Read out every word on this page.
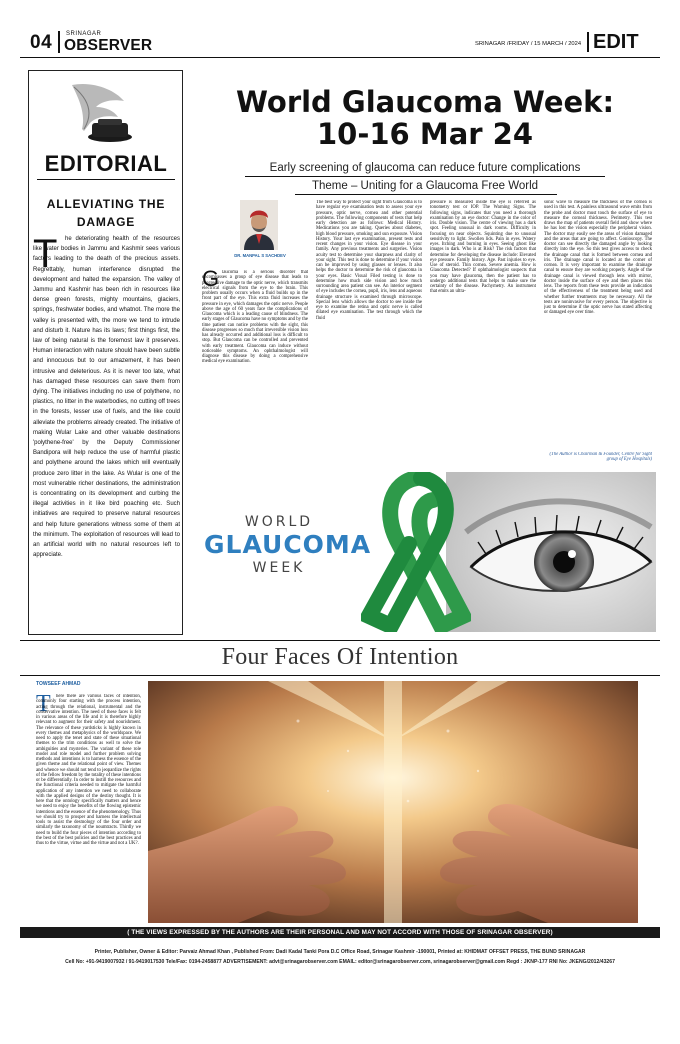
04 SRINAGAR
OBSERVER	SRINAGAR /FRIDAY / 15 MARCH / 2024 EDIT
EDITORIAL
ALLEVIATING THE DAMAGE
T	he deteriorating health of the resources like water bodies in Jammu and Kashmir sees various factors leading to the death of the precious assets. Regrettably, human interference disrupted the development and halted the expansion. The valley of Jammu and Kashmir has been rich in resources like dense green forests, mighty mountains, glaciers, springs, freshwater bodies, and whatnot. The more the valley is presented with, the more we tend to intrude and disturb it. Nature has its laws; first things first, the law of being natural is the foremost law it preserves. Human interaction with nature should have been subtle and innocuous but to our amazement, it has been intrusive and deleterious. As it is never too late, what has damaged these resources can save them from dying. The initiatives including no use of polythene, no plastics, no litter in the waterbodies, no cutting off trees in the forests, lesser use of fuels, and the like could alleviate the problems already created. The initiative of making Wular Lake and other valuable destinations 'polythene-free' by the Deputy Commissioner Bandipora will help reduce the use of harmful plastic and polythene around the lakes which will eventually produce zero litter in the lake. As Wular is one of the most vulnerable richer destinations, the administration is concentrating on its development and curbing the illegal activities in it like bird poaching etc. Such initiatives are required to preserve natural resources and help future generations witness some of them at the minimum. The exploitation of resources will lead to an artificial world with no natural resources left to appreciate.
World Glaucoma Week:
10-16 Mar 24
Early screening of glaucoma can reduce future complications
Theme – Uniting for a Glaucoma Free World
DR. MANPAL S SACHDEV
G laucoma is a serious disorder that encompasses a group of eye disease that leads to progressive damage to the optic nerve, which transmits electrical signals from the eye to the brain. This problem usually occurs when a fluid builds up in the front part of the eye. This extra fluid increases the pressure in eye, which damages the optic nerve. People above the age of 60 years face the complications of Glaucoma which is a leading cause of blindness. The early stages of Glaucoma have no symptoms and by the time patient can notice problems with the sight, this disease progresses so much that irreversible vision loss has already occurred and additional loss is difficult to stop. But Glaucoma can be controlled and prevented with early treatment. Glaucoma can induce without noticeable symptoms. An ophthalmologist will diagnose this disease by doing a comprehensive medical eye examination.
The best way to protect your sight from Glaucoma is to have regular eye examination tests to assess your eye pressure, optic nerve, cornea and other potential problems. The following components of tests that help early detection are as follows: Medical History. Medications you are taking. Queries about diabetes, high blood pressure, smoking and sun exposure. Vision History. Your last eye examination, present tests and recent changes in your vision. Eye disease in your family. Any previous treatments and surgeries. Vision acuity test to determine your sharpness and clarity of your sight. This test is done to determine if your vision can be improved by using glasses or lenses. It also helps the doctor to determine the risk of glaucoma in your eyes. Basic Visual Filed testing is done to determine how much side vision and how much surrounding area patient can see. An interior segment of eye includes the cornea, pupil, iris, lens and aqueous drainage structure is examined through microscope. Special lens which allows the doctor to see inside the eye to examine the retina and optic nerve is called dilated eye examination. The test through which the fluid
pressure is measured inside the eye is referred as tonometry test or IOP. The Warning Signs. The following signs, indicates that you need a thorough examination by an eye doctor: Change in the color of iris. Double vision. The centre of viewing has a dark spot. Feeling unusual in dark rooms. Difficulty in focusing on near objects. Squinting due to unusual sensitivity to light. Swollen lids. Pain in eyes. Watery eyes. Itching and burning in eyes. Seeing ghost like images in dark. Who is at Risk? The risk factors that determine for developing the disease include: Elevated eye pressure. Family history. Age. Past injuries to eye. Use of steroid. Thin cornea. Severe anemia. How is Glaucoma Detected? If ophthalmologist suspects that you may have glaucoma, then the patient has to undergo additional tests that helps to make sure the certainty of the disease. Pachymetry. An instrument that emits an ultra-
sonic wave to measure the thickness of the cornea is used in this test. A painless ultrasound wave emits from the probe and doctor must touch the surface of eye to measure the corneal thickness. Perimetry. This test draws the map of patients overall field and show where he has lost the vision especially the peripheral vision. The doctor may easily see the areas of vision damaged and the areas that are going to affect. Gonioscopy. The doctor can see directly the damaged angle by looking directly into the eye. So this test gives access to check the drainage canal that is formed between cornea and iris. The drainage canal is located at the corner of cornea. It is very important to examine the drainage canal to ensure they are working properly. Angle of the drainage canal is viewed through lens with mirror, doctor inside the surface of eye and then places this lens. The reports from these tests provide an indication of the effectiveness of the treatment being used and whether further treatments may be necessary. All the tests are noninvasive for every person. The objective is just to determine if the optic nerve has stated affecting or damaged eye over time.
(The Author is Chairman & Founder, Centre for Sight group of Eye Hospitals)
WORLD
GLAUCOMA
WEEK
Four Faces Of Intention
TOWSEEF AHMAD
T	here there are various faces of intention, commonly four starting with the process intention, acting through the relational, instrumental and the conservative intention. The need of these faces is felt in various areas of the life and it is therefore highly relevant to augment for their safety and nourishment. The relevance of these yardsticks is highly known in every themes and metaphysics of the worldspace. We need to apply the tenet and state of these situational themes to the trim conditions as well to solve the ambiguities and mysteries. The variant of these role model and role model and further problem solving methods and intentions is to harness the essence of the given theme and the relational point of view. Themes and whence we should not tend to jeopardize the rights of the fellow freedom by the totality of these intentions or be differentially. In order to instill the resources and the functional criteria needed to mitigate the harmful application of any intention we need to collaborate with the applied designs of the destiny thought. It is here that the ontology specifically matters and hence we need to enjoy the benefits of the flowing epistemic intentions and the essence of the phenomenology. Thus we should try to prosper and harness the intellectual tools to assist the desmology of the four order and similarly the taxonomy of the noumtracts. Thirdly we need to build the four pieces of intention according to the best of the best policies and the best practices and thus to the virtue, virtue and the virtue and not a UK?.
( THE VIEWS EXPRESSED BY THE AUTHORS ARE THEIR PERSONAL AND MAY NOT ACCORD WITH THOSE OF SRINAGAR OBSERVER)
Printer, Publisher, Owner & Editor: Parvaiz Ahmad Khan , Published From: Dadi Kadal Tanki Pora D.C Office Road, Srinagar Kashmir -190001, Printed at: KHIDMAT OFFSET PRESS, THE BUND SRINAGAR
Cell No: +91-9419007932 / 91-9419017530 Tele/Fax: 0194-2458877 ADVERTISEMENT: advt@srinagarobserver.com EMAIL: editor@srinagarobserver.com, srinagarobserver@gmail.com Regd : JKNP-177 RNI No: JKENG/2012/43267
